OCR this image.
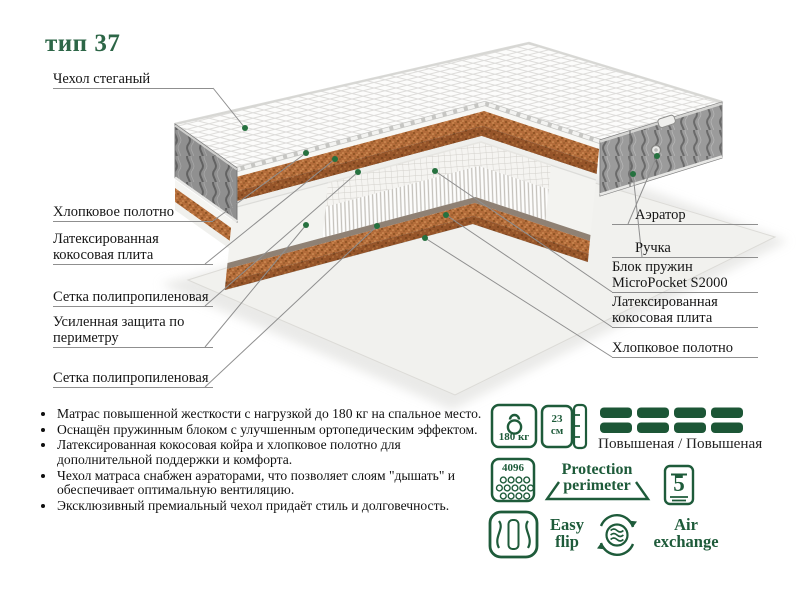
тип 37
Чехол стеганый
Хлопковое полотно
Латексированная кокосовая плита
Сетка полипропиленовая
Усиленная защита по периметру
Сетка полипропиленовая
Аэратор
Ручка
Блок пружин MicroPocket S2000
Латексированная кокосовая плита
Хлопковое полотно
• Матрас повышенной жесткости с нагрузкой до 180 кг на спальное место.
• Оснащён пружинным блоком с улучшенным ортопедическим эффектом.
• Латексированная кокосовая койра и хлопковое полотно для дополнительной поддержки и комфорта.
• Чехол матраса снабжен аэраторами, что позволяет слоям "дышать" и обеспечивает оптимальную вентиляцию.
• Эксклюзивный премиальный чехол придаёт стиль и долговечность.
180 кг
23
см
Повышеная / Повышеная
4096	Protection
perimeter	5
Easy
flip
Air
exchange
